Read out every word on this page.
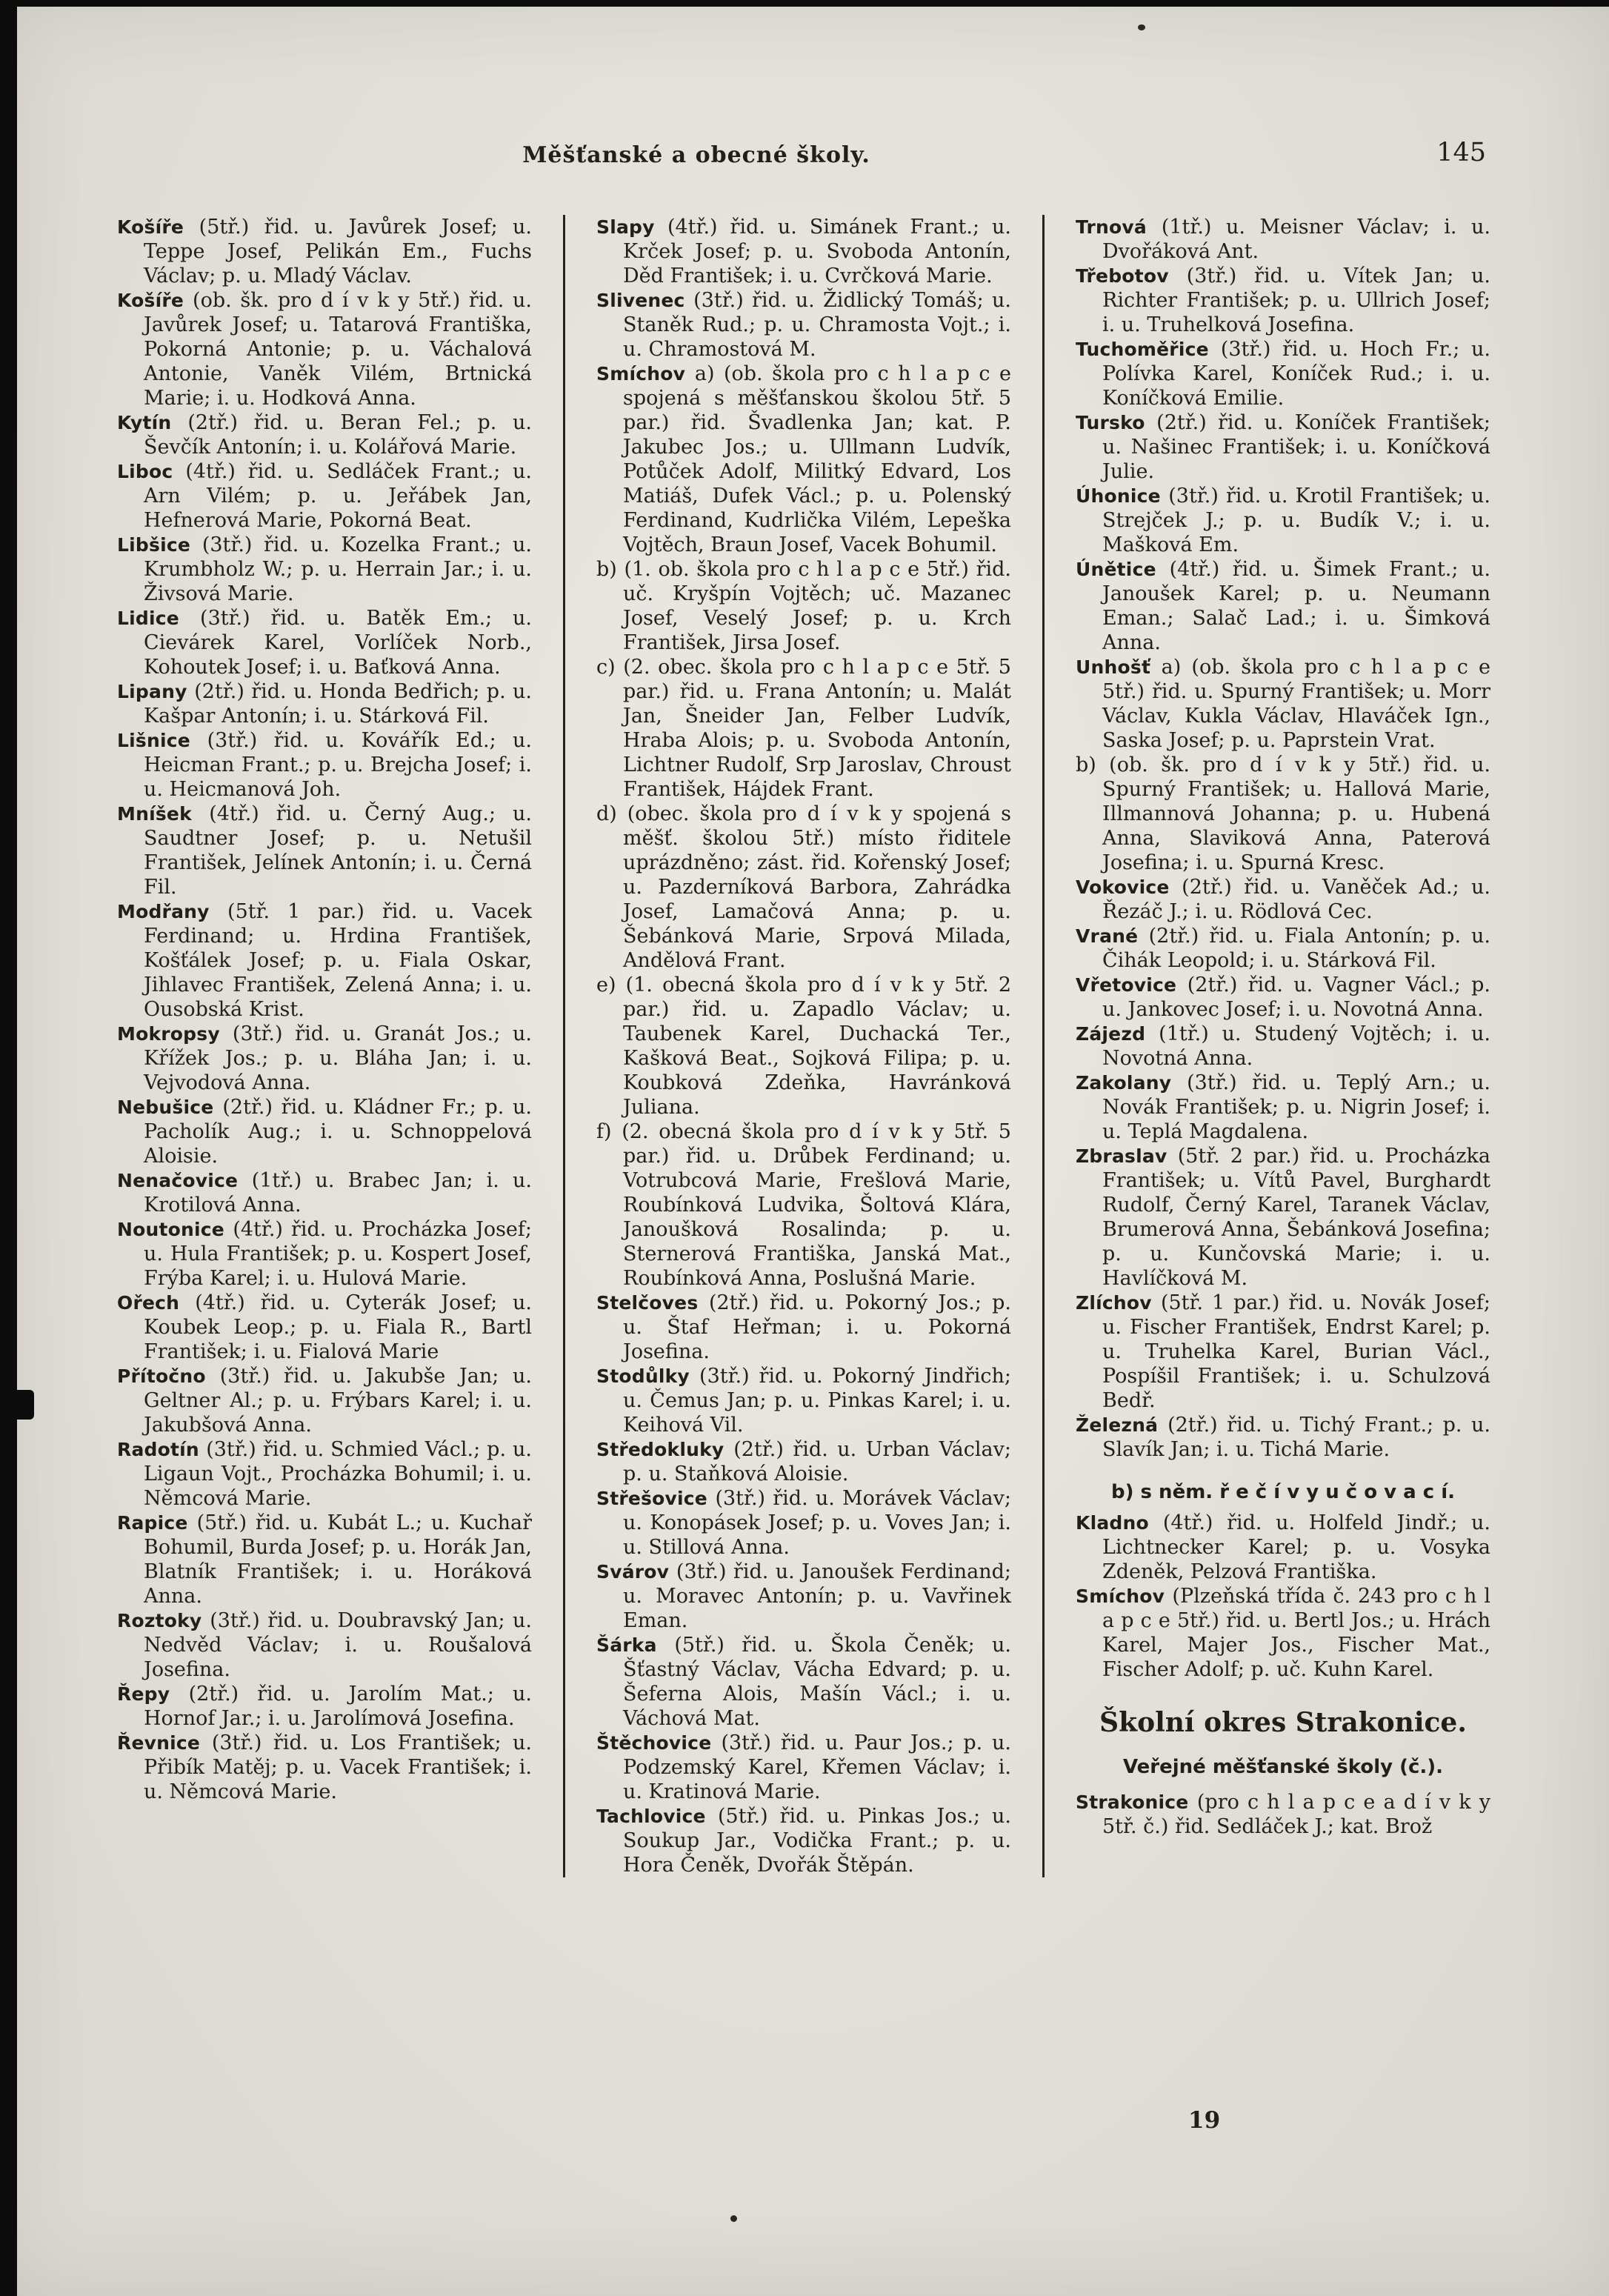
Měšťanské a obecné školy.	145

Košíře (5tř.) řid. u. Javůrek Josef; u. Teppe Josef, Pelikán Em., Fuchs Václav; p. u. Mladý Václav.

Košíře (ob. šk. pro d í v k y 5tř.) řid. u. Javůrek Josef; u. Tatarová Františka, Pokorná Antonie; p. u. Váchalová Antonie, Vaněk Vilém, Brtnická Marie; i. u. Hodková Anna.

Kytín (2tř.) řid. u. Beran Fel.; p. u. Ševčík Antonín; i. u. Kolářová Marie.

Liboc (4tř.) řid. u. Sedláček Frant.; u. Arn Vilém; p. u. Jeřábek Jan, Hefnerová Marie, Pokorná Beat.

Libšice (3tř.) řid. u. Kozelka Frant.; u. Krumbholz W.; p. u. Herrain Jar.; i. u. Živsová Marie.

Lidice (3tř.) řid. u. Batěk Em.; u. Cievárek Karel, Vorlíček Norb., Kohoutek Josef; i. u. Baťková Anna.

Lipany (2tř.) řid. u. Honda Bedřich; p. u. Kašpar Antonín; i. u. Stárková Fil.

Lišnice (3tř.) řid. u. Kovářík Ed.; u. Heicman Frant.; p. u. Brejcha Josef; i. u. Heicmanová Joh.

Mníšek (4tř.) řid. u. Černý Aug.; u. Saudtner Josef; p. u. Netušil František, Jelínek Antonín; i. u. Černá Fil.

Modřany (5tř. 1 par.) řid. u. Vacek Ferdinand; u. Hrdina František, Košťálek Josef; p. u. Fiala Oskar, Jihlavec František, Zelená Anna; i. u. Ousobská Krist.

Mokropsy (3tř.) řid. u. Granát Jos.; u. Křížek Jos.; p. u. Bláha Jan; i. u. Vejvodová Anna.

Nebušice (2tř.) řid. u. Kládner Fr.; p. u. Pacholík Aug.; i. u. Schnoppelová Aloisie.

Nenačovice (1tř.) u. Brabec Jan; i. u. Krotilová Anna.

Noutonice (4tř.) řid. u. Procházka Josef; u. Hula František; p. u. Kospert Josef, Frýba Karel; i. u. Hulová Marie.

Ořech (4tř.) řid. u. Cyterák Josef; u. Koubek Leop.; p. u. Fiala R., Bartl František; i. u. Fialová Marie

Přítočno (3tř.) řid. u. Jakubše Jan; u. Geltner Al.; p. u. Frýbars Karel; i. u. Jakubšová Anna.

Radotín (3tř.) řid. u. Schmied Václ.; p. u. Ligaun Vojt., Procházka Bohumil; i. u. Němcová Marie.

Rapice (5tř.) řid. u. Kubát L.; u. Kuchař Bohumil, Burda Josef; p. u. Horák Jan, Blatník František; i. u. Horáková Anna.

Roztoky (3tř.) řid. u. Doubravský Jan; u. Nedvěd Václav; i. u. Roušalová Josefina.

Řepy (2tř.) řid. u. Jarolím Mat.; u. Hornof Jar.; i. u. Jarolímová Josefina.

Řevnice (3tř.) řid. u. Los František; u. Přibík Matěj; p. u. Vacek František; i. u. Němcová Marie.

Slapy (4tř.) řid. u. Simánek Frant.; u. Krček Josef; p. u. Svoboda Antonín, Děd František; i. u. Cvrčková Marie.

Slivenec (3tř.) řid. u. Židlický Tomáš; u. Staněk Rud.; p. u. Chramosta Vojt.; i. u. Chramostová M.

Smíchov a) (ob. škola pro c h l a p c e spojená s měšťanskou školou 5tř. 5 par.) řid. Švadlenka Jan; kat. P. Jakubec Jos.; u. Ullmann Ludvík, Potůček Adolf, Militký Edvard, Los Matiáš, Dufek Václ.; p. u. Polenský Ferdinand, Kudrlička Vilém, Lepeška Vojtěch, Braun Josef, Vacek Bohumil.

b) (1. ob. škola pro c h l a p c e 5tř.) řid. uč. Kryšpín Vojtěch; uč. Mazanec Josef, Veselý Josef; p. u. Krch František, Jirsa Josef.

c) (2. obec. škola pro c h l a p c e 5tř. 5 par.) řid. u. Frana Antonín; u. Malát Jan, Šneider Jan, Felber Ludvík, Hraba Alois; p. u. Svoboda Antonín, Lichtner Rudolf, Srp Jaroslav, Chroust František, Hájdek Frant.

d) (obec. škola pro d í v k y spojená s měšť. školou 5tř.) místo řiditele uprázdněno; zást. řid. Kořenský Josef; u. Pazderníková Barbora, Zahrádka Josef, Lamačová Anna; p. u. Šebánková Marie, Srpová Milada, Andělová Frant.

e) (1. obecná škola pro d í v k y 5tř. 2 par.) řid. u. Zapadlo Václav; u. Taubenek Karel, Duchacká Ter., Kašková Beat., Sojková Filipa; p. u. Koubková Zdeňka, Havránková Juliana.

f) (2. obecná škola pro d í v k y 5tř. 5 par.) řid. u. Drůbek Ferdinand; u. Votrubcová Marie, Frešlová Marie, Roubínková Ludvika, Šoltová Klára, Janoušková Rosalinda; p. u. Sternerová Františka, Janská Mat., Roubínková Anna, Poslušná Marie.

Stelčoves (2tř.) řid. u. Pokorný Jos.; p. u. Štaf Heřman; i. u. Pokorná Josefina.

Stodůlky (3tř.) řid. u. Pokorný Jindřich; u. Čemus Jan; p. u. Pinkas Karel; i. u. Keihová Vil.

Středokluky (2tř.) řid. u. Urban Václav; p. u. Staňková Aloisie.

Střešovice (3tř.) řid. u. Morávek Václav; u. Konopásek Josef; p. u. Voves Jan; i. u. Stillová Anna.

Svárov (3tř.) řid. u. Janoušek Ferdinand; u. Moravec Antonín; p. u. Vavřinek Eman.

Šárka (5tř.) řid. u. Škola Čeněk; u. Šťastný Václav, Vácha Edvard; p. u. Šeferna Alois, Mašín Václ.; i. u. Váchová Mat.

Štěchovice (3tř.) řid. u. Paur Jos.; p. u. Podzemský Karel, Křemen Václav; i. u. Kratinová Marie.

Tachlovice (5tř.) řid. u. Pinkas Jos.; u. Soukup Jar., Vodička Frant.; p. u. Hora Čeněk, Dvořák Štěpán.

Trnová (1tř.) u. Meisner Václav; i. u. Dvořáková Ant.

Třebotov (3tř.) řid. u. Vítek Jan; u. Richter František; p. u. Ullrich Josef; i. u. Truhelková Josefina.

Tuchoměřice (3tř.) řid. u. Hoch Fr.; u. Polívka Karel, Koníček Rud.; i. u. Koníčková Emilie.

Tursko (2tř.) řid. u. Koníček František; u. Našinec František; i. u. Koníčková Julie.

Úhonice (3tř.) řid. u. Krotil František; u. Strejček J.; p. u. Budík V.; i. u. Mašková Em.

Únětice (4tř.) řid. u. Šimek Frant.; u. Janoušek Karel; p. u. Neumann Eman.; Salač Lad.; i. u. Šimková Anna.

Unhošť a) (ob. škola pro c h l a p c e 5tř.) řid. u. Spurný František; u. Morr Václav, Kukla Václav, Hlaváček Ign., Saska Josef; p. u. Paprstein Vrat.

b) (ob. šk. pro d í v k y 5tř.) řid. u. Spurný František; u. Hallová Marie, Illmannová Johanna; p. u. Hubená Anna, Slaviková Anna, Paterová Josefina; i. u. Spurná Kresc.

Vokovice (2tř.) řid. u. Vaněček Ad.; u. Řezáč J.; i. u. Rödlová Cec.

Vrané (2tř.) řid. u. Fiala Antonín; p. u. Čihák Leopold; i. u. Stárková Fil.

Vřetovice (2tř.) řid. u. Vagner Václ.; p. u. Jankovec Josef; i. u. Novotná Anna.

Zájezd (1tř.) u. Studený Vojtěch; i. u. Novotná Anna.

Zakolany (3tř.) řid. u. Teplý Arn.; u. Novák František; p. u. Nigrin Josef; i. u. Teplá Magdalena.

Zbraslav (5tř. 2 par.) řid. u. Procházka František; u. Vítů Pavel, Burghardt Rudolf, Černý Karel, Taranek Václav, Brumerová Anna, Šebánková Josefina; p. u. Kunčovská Marie; i. u. Havlíčková M.

Zlíchov (5tř. 1 par.) řid. u. Novák Josef; u. Fischer František, Endrst Karel; p. u. Truhelka Karel, Burian Václ., Pospíšil František; i. u. Schulzová Bedř.

Železná (2tř.) řid. u. Tichý Frant.; p. u. Slavík Jan; i. u. Tichá Marie.

b) s něm. ř e č í v y u č o v a c í.

Kladno (4tř.) řid. u. Holfeld Jindř.; u. Lichtnecker Karel; p. u. Vosyka Zdeněk, Pelzová Františka.

Smíchov (Plzeňská třída č. 243 pro c h l a p c e 5tř.) řid. u. Bertl Jos.; u. Hrách Karel, Majer Jos., Fischer Mat., Fischer Adolf; p. uč. Kuhn Karel.

Školní okres Strakonice.

Veřejné měšťanské školy (č.).

Strakonice (pro c h l a p c e a d í v k y 5tř. č.) řid. Sedláček J.; kat. Brož

19
